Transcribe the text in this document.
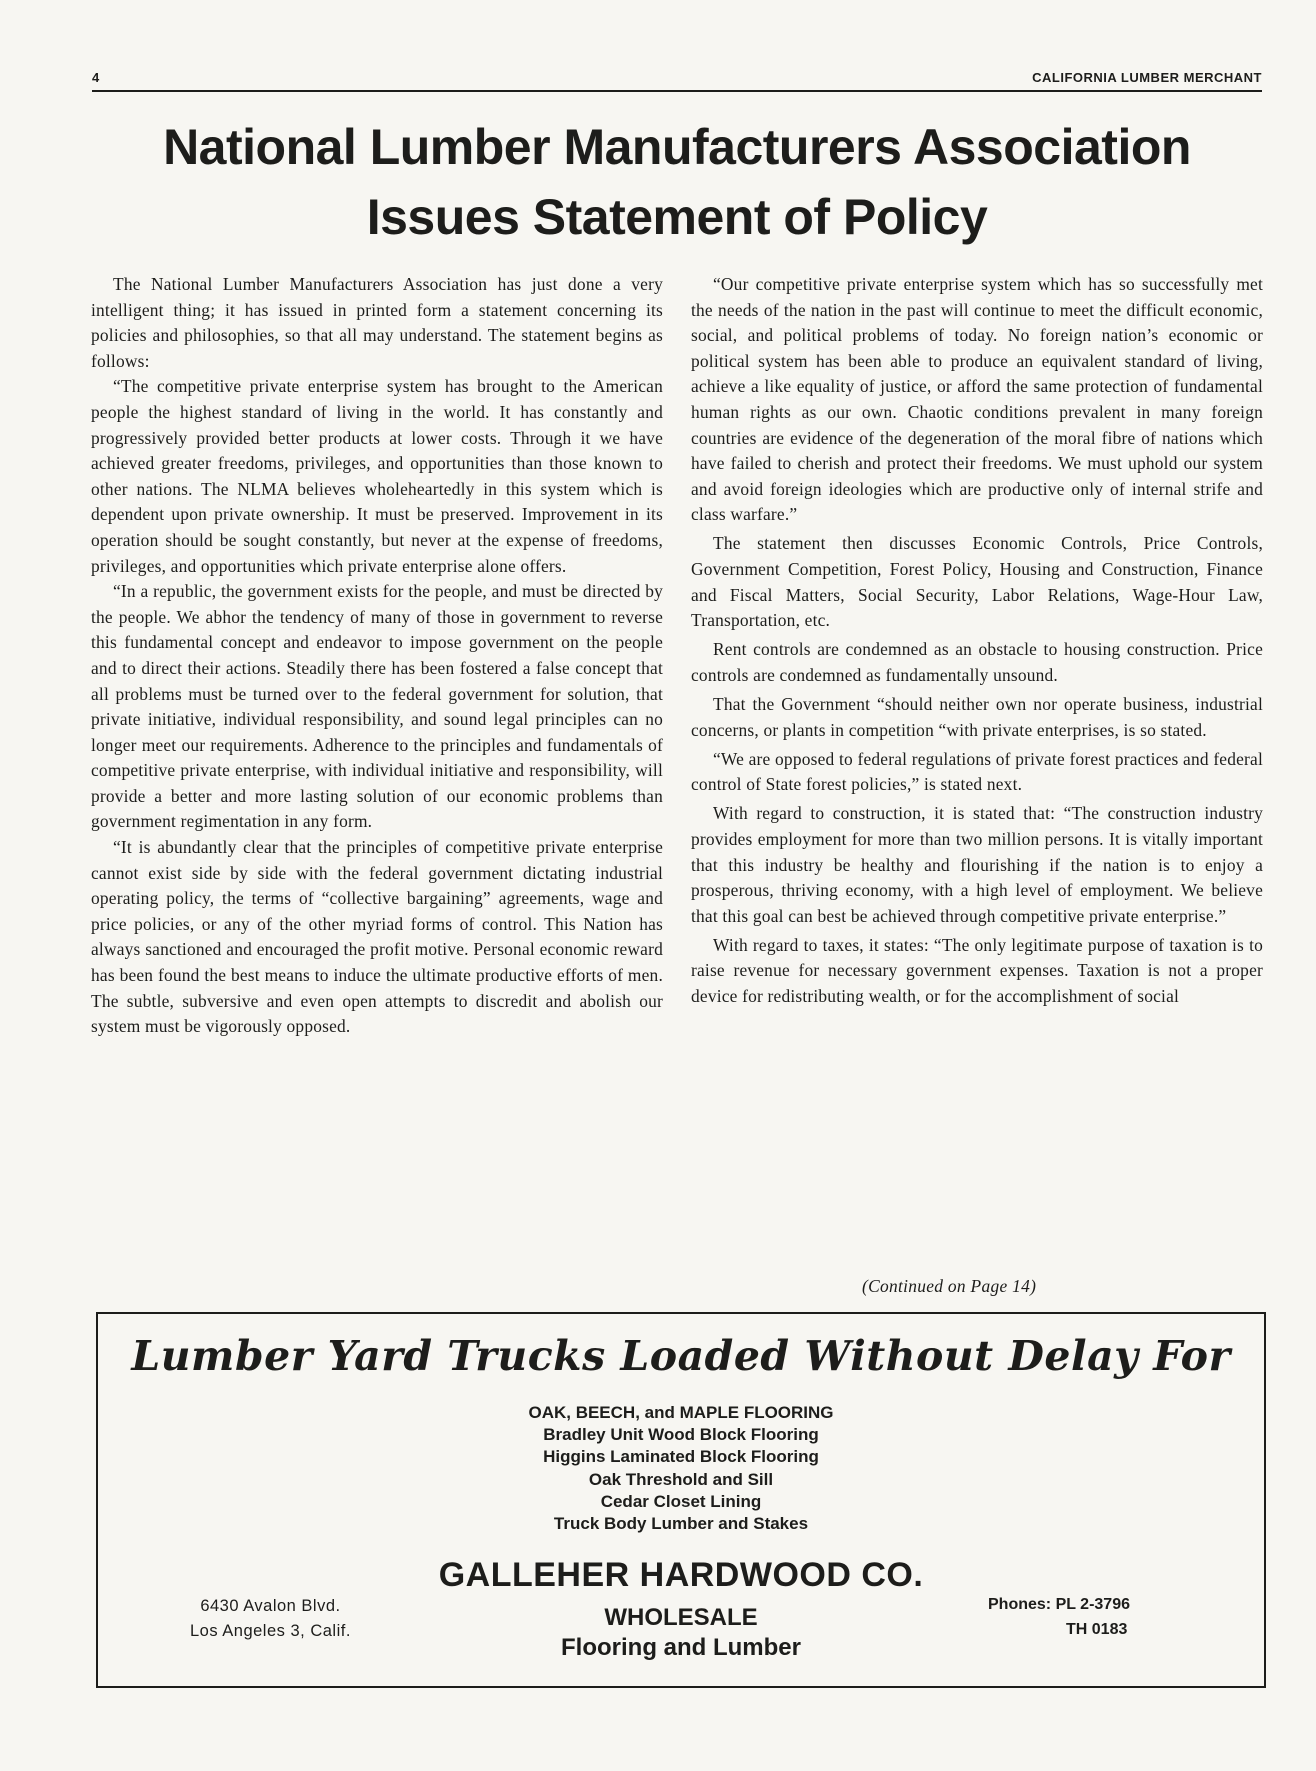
4	CALIFORNIA LUMBER MERCHANT
National Lumber Manufacturers Association
Issues Statement of Policy

The National Lumber Manufacturers Association has just done a very intelligent thing; it has issued in printed form a statement concerning its policies and philosophies, so that all may understand. The statement begins as follows:

“The competitive private enterprise system has brought to the American people the highest standard of living in the world. It has constantly and progressively provided better products at lower costs. Through it we have achieved greater freedoms, privileges, and opportunities than those known to other nations. The NLMA believes wholeheartedly in this system which is dependent upon private ownership. It must be preserved. Improvement in its operation should be sought constantly, but never at the expense of freedoms, privileges, and opportunities which private enterprise alone offers.

“In a republic, the government exists for the people, and must be directed by the people. We abhor the tendency of many of those in government to reverse this fundamental concept and endeavor to impose government on the people and to direct their actions. Steadily there has been fostered a false concept that all problems must be turned over to the federal government for solution, that private initiative, individual responsibility, and sound legal principles can no longer meet our requirements. Adherence to the principles and fundamentals of competitive private enterprise, with individual initiative and responsibility, will provide a better and more lasting solution of our economic problems than government regimentation in any form.

“It is abundantly clear that the principles of competitive private enterprise cannot exist side by side with the federal government dictating industrial operating policy, the terms of “collective bargaining” agreements, wage and price policies, or any of the other myriad forms of control. This Nation has always sanctioned and encouraged the profit motive. Personal economic reward has been found the best means to induce the ultimate productive efforts of men. The subtle, subversive and even open attempts to discredit and abolish our system must be vigorously opposed.

“Our competitive private enterprise system which has so successfully met the needs of the nation in the past will continue to meet the difficult economic, social, and political problems of today. No foreign nation’s economic or political system has been able to produce an equivalent standard of living, achieve a like equality of justice, or afford the same protection of fundamental human rights as our own. Chaotic conditions prevalent in many foreign countries are evidence of the degeneration of the moral fibre of nations which have failed to cherish and protect their freedoms. We must uphold our system and avoid foreign ideologies which are productive only of internal strife and class warfare.”

The statement then discusses Economic Controls, Price Controls, Government Competition, Forest Policy, Housing and Construction, Finance and Fiscal Matters, Social Security, Labor Relations, Wage-Hour Law, Transportation, etc.

Rent controls are condemned as an obstacle to housing construction. Price controls are condemned as fundamentally unsound.

That the Government “should neither own nor operate business, industrial concerns, or plants in competition “with private enterprises, is so stated.

“We are opposed to federal regulations of private forest practices and federal control of State forest policies,” is stated next.

With regard to construction, it is stated that: “The construction industry provides employment for more than two million persons. It is vitally important that this industry be healthy and flourishing if the nation is to enjoy a prosperous, thriving economy, with a high level of employment. We believe that this goal can best be achieved through competitive private enterprise.”

With regard to taxes, it states: “The only legitimate purpose of taxation is to raise revenue for necessary government expenses. Taxation is not a proper device for redistributing wealth, or for the accomplishment of social

(Continued on Page 14)
Lumber Yard Trucks Loaded Without Delay For
OAK, BEECH, and MAPLE FLOORING
Bradley Unit Wood Block Flooring
Higgins Laminated Block Flooring
Oak Threshold and Sill
Cedar Closet Lining
Truck Body Lumber and Stakes
GALLEHER HARDWOOD CO.
WHOLESALE
Flooring and Lumber
6430 Avalon Blvd.
Los Angeles 3, Calif.
Phones: PL 2-3796
TH 0183
